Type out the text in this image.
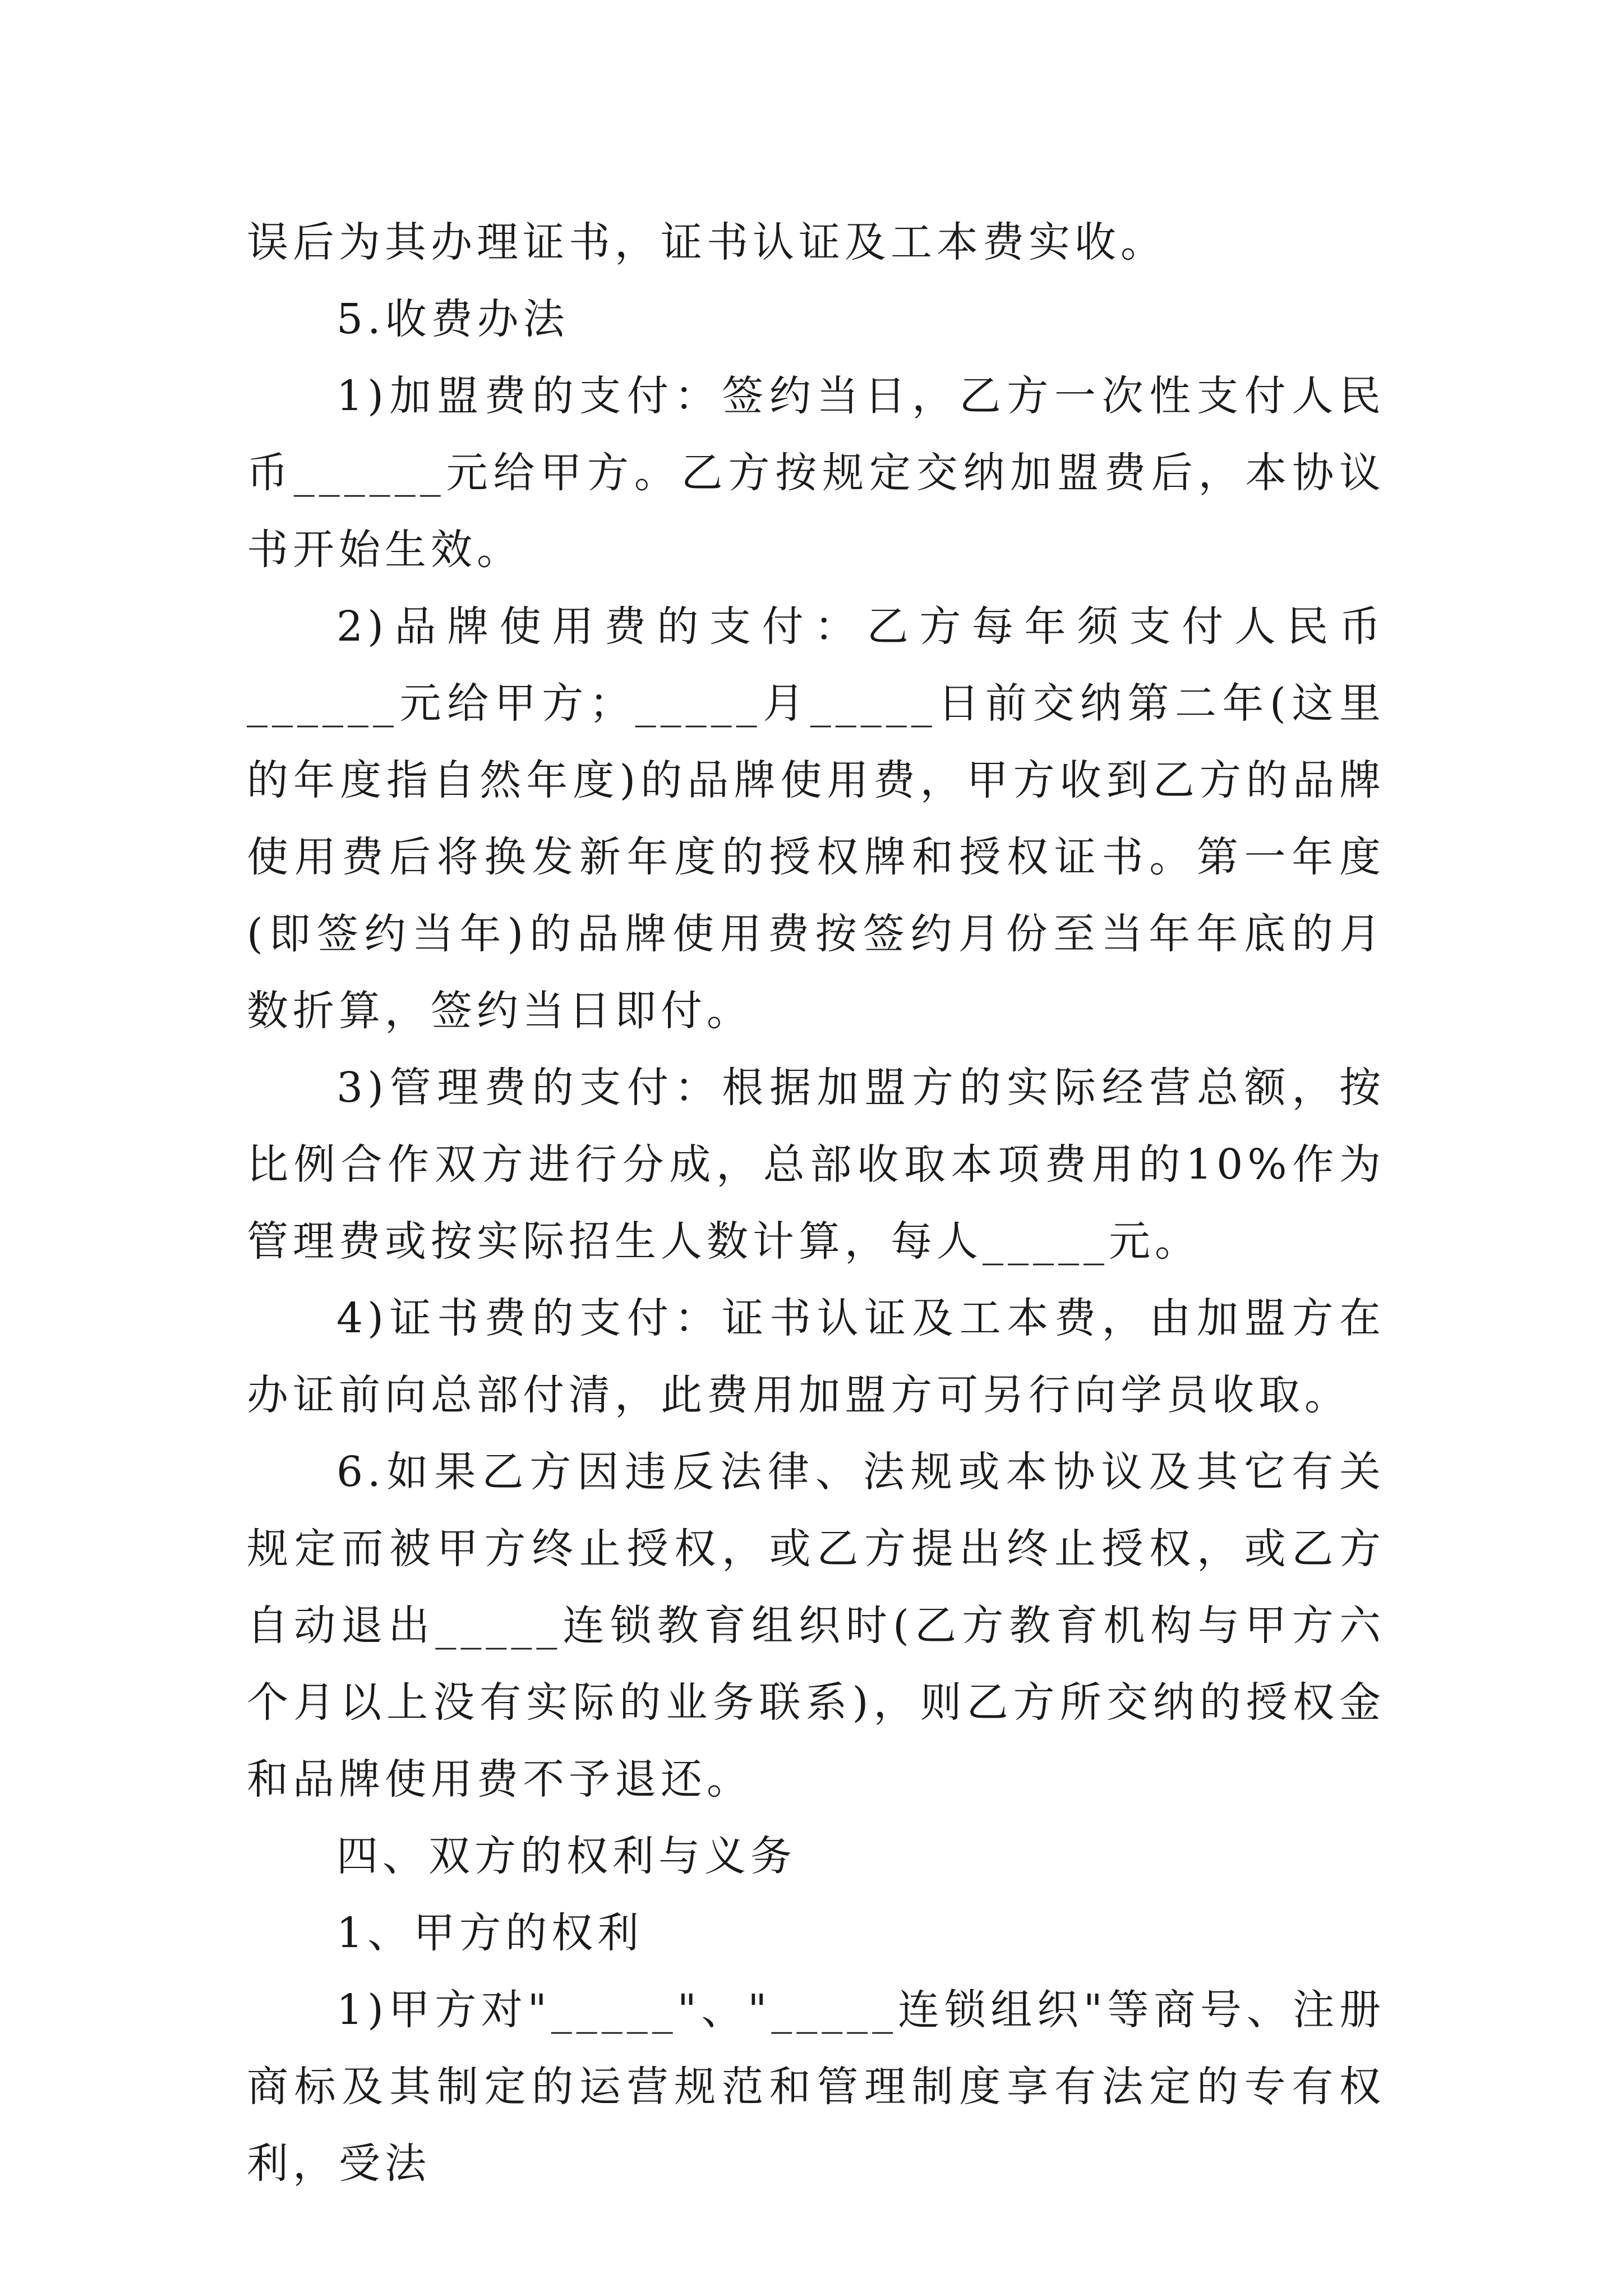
误后为其办理证书，证书认证及工本费实收。

5.收费办法

1)加盟费的支付：签约当日，乙方一次性支付人民币______元给甲方。乙方按规定交纳加盟费后，本协议书开始生效。

2)品牌使用费的支付：乙方每年须支付人民币______元给甲方；_____月_____日前交纳第二年(这里的年度指自然年度)的品牌使用费，甲方收到乙方的品牌使用费后将换发新年度的授权牌和授权证书。第一年度(即签约当年)的品牌使用费按签约月份至当年年底的月数折算，签约当日即付。

3)管理费的支付：根据加盟方的实际经营总额，按比例合作双方进行分成，总部收取本项费用的10%作为管理费或按实际招生人数计算，每人_____元。

4)证书费的支付：证书认证及工本费，由加盟方在办证前向总部付清，此费用加盟方可另行向学员收取。

6.如果乙方因违反法律、法规或本协议及其它有关规定而被甲方终止授权，或乙方提出终止授权，或乙方自动退出_____连锁教育组织时(乙方教育机构与甲方六个月以上没有实际的业务联系)，则乙方所交纳的授权金和品牌使用费不予退还。

四、双方的权利与义务

1、甲方的权利

1)甲方对"_____"、"_____连锁组织"等商号、注册商标及其制定的运营规范和管理制度享有法定的专有权利，受法
